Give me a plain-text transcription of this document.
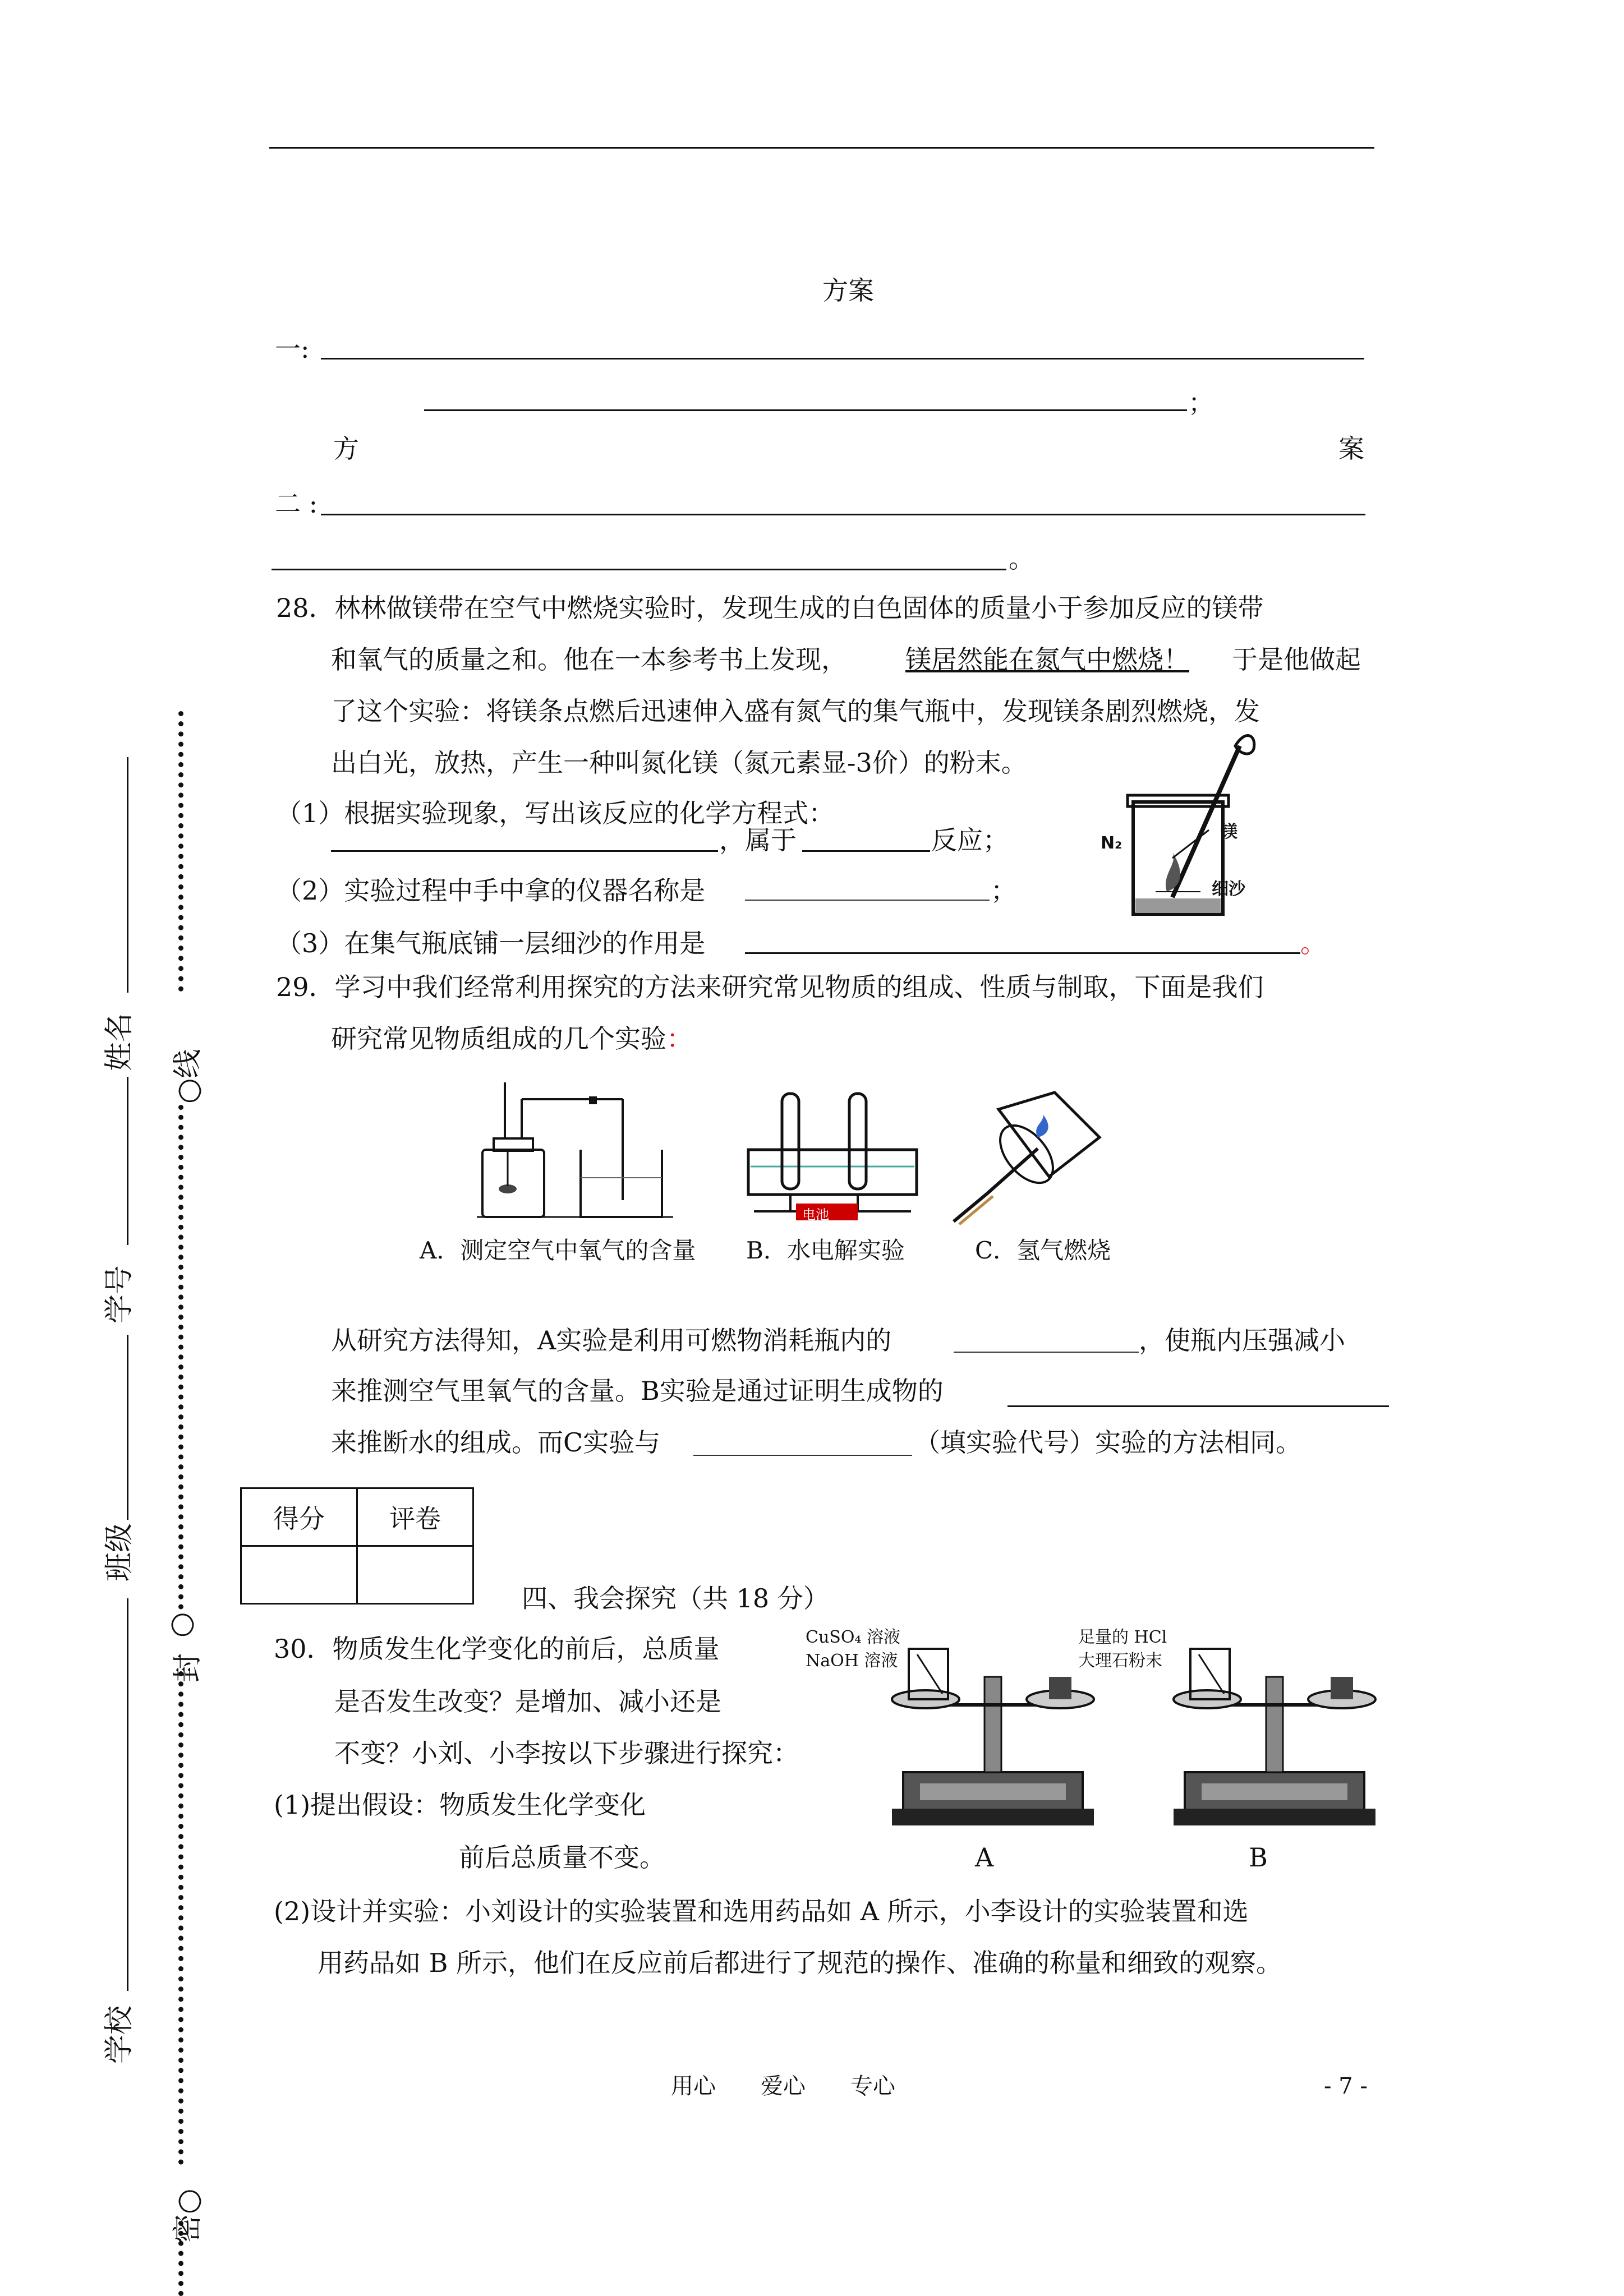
方案
一:
；
方	案
二 :
。
28．林林做镁带在空气中燃烧实验时，发现生成的白色固体的质量小于参加反应的镁带
和氧气的质量之和。他在一本参考书上发现， 镁居然能在氮气中燃烧！ 于是他做起
了这个实验：将镁条点燃后迅速伸入盛有氮气的集气瓶中，发现镁条剧烈燃烧，发
出白光，放热，产生一种叫氮化镁（氮元素显-3价）的粉末。
（1）根据实验现象，写出该反应的化学方程式：
，属于	反应；
（2）实验过程中手中拿的仪器名称是	；
（3）在集气瓶底铺一层细沙的作用是	。
N₂
镁
细沙
29．学习中我们经常利用探究的方法来研究常见物质的组成、性质与制取，下面是我们
研究常见物质组成的几个实验：
电池
A．测定空气中氧气的含量 B．水电解实验	C．氢气燃烧
从研究方法得知，A实验是利用可燃物消耗瓶内的	，使瓶内压强减小
来推测空气里氧气的含量。B实验是通过证明生成物的
来推断水的组成。而C实验与	（填实验代号）实验的方法相同。
得分	评卷

四、我会探究（共 18 分）
30．物质发生化学变化的前后，总质量
是否发生改变？是增加、减小还是
不变？小刘、小李按以下步骤进行探究：
(1)提出假设：物质发生化学变化
前后总质量不变。
(2)设计并实验：小刘设计的实验装置和选用药品如 A 所示，小李设计的实验装置和选
用药品如 B 所示，他们在反应前后都进行了规范的操作、准确的称量和细致的观察。
CuSO₄ 溶液
NaOH 溶液
足量的 HCl
大理石粉末
A	B
用心　　爱心　　专心	- 7 -
姓名
○线
学号
班级
○
封
学校
密○
